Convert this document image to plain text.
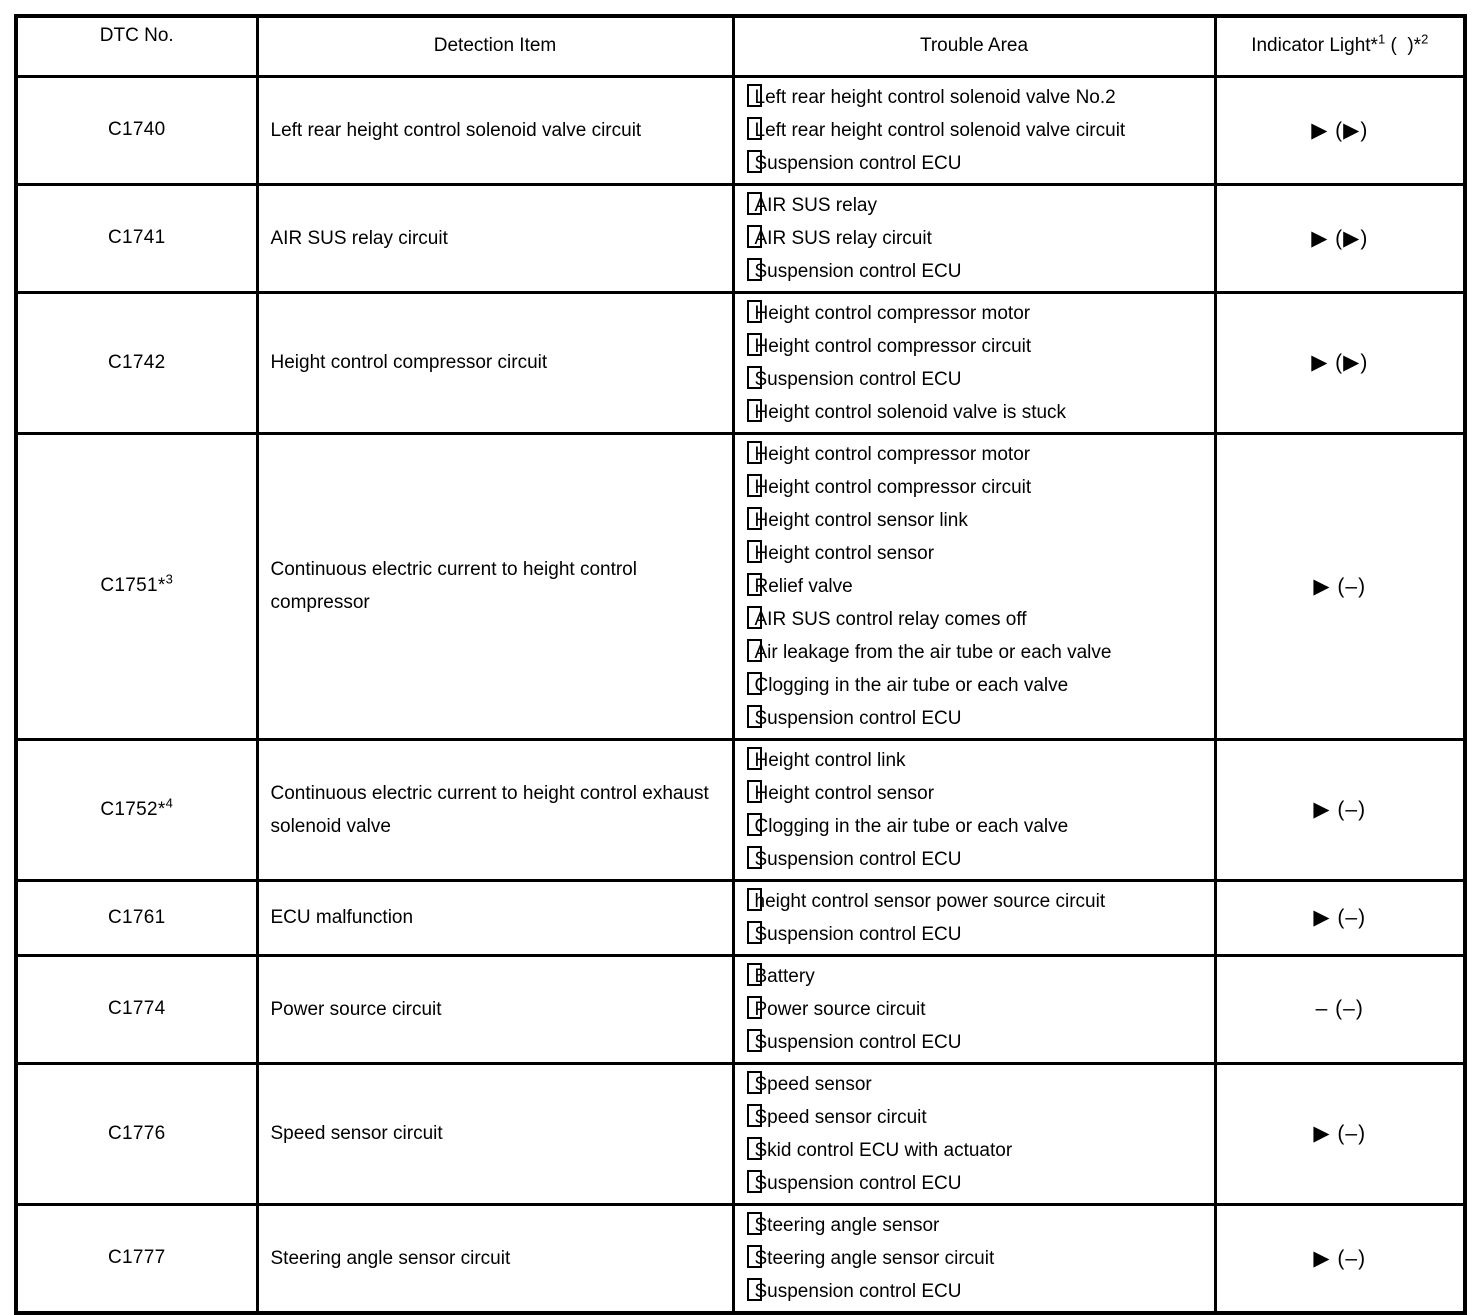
DTC No.	Detection Item	Trouble Area	Indicator Light*$^1$ (  )*$^2$
C1740	Left rear height control solenoid valve circuit	Left rear height control solenoid valve No.2
Left rear height control solenoid valve circuit
Suspension control ECU	▶ (▶)
C1741	AIR SUS relay circuit	AIR SUS relay
AIR SUS relay circuit
Suspension control ECU	▶ (▶)
C1742	Height control compressor circuit	Height control compressor motor
Height control compressor circuit
Suspension control ECU
Height control solenoid valve is stuck	▶ (▶)
C1751*$^3$	Continuous electric current to height control compressor	
Height control compressor motor
Height control compressor circuit
Height control sensor link
Height control sensor
Relief valve
AIR SUS control relay comes off
Air leakage from the air tube or each valve
Clogging in the air tube or each valve
Suspension control ECU
	▶ (–)
C1752*$^4$	Continuous electric current to height control exhaust solenoid valve	Height control link
Height control sensor
Clogging in the air tube or each valve
Suspension control ECU	▶ (–)
C1761	ECU malfunction	height control sensor power source circuit
Suspension control ECU	▶ (–)
C1774	Power source circuit	Battery
Power source circuit
Suspension control ECU	– (–)
C1776	Speed sensor circuit	Speed sensor
Speed sensor circuit
Skid control ECU with actuator
Suspension control ECU	▶ (–)
C1777	Steering angle sensor circuit	Steering angle sensor
Steering angle sensor circuit
Suspension control ECU	▶ (–)
